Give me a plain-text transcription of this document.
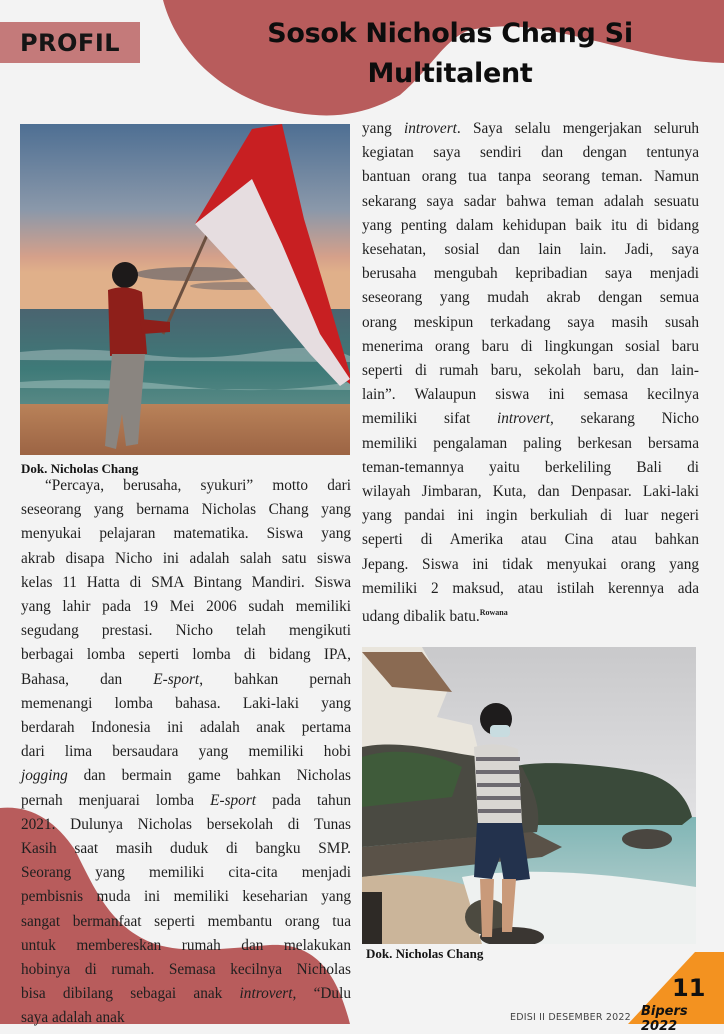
PROFIL	Sosok Nicholas Chang Si
Multitalent
Dok. Nicholas Chang
“Percaya, berusaha, syukuri” motto dari
seseorang yang bernama Nicholas Chang yang
menyukai pelajaran matematika. Siswa yang
akrab disapa Nicho ini adalah salah satu siswa
kelas 11 Hatta di SMA Bintang Mandiri. Siswa
yang lahir pada 19 Mei 2006 sudah memiliki
segudang prestasi. Nicho telah mengikuti
berbagai lomba seperti lomba di bidang IPA,
Bahasa, dan E-sport, bahkan pernah
memenangi lomba bahasa. Laki-laki yang
berdarah Indonesia ini adalah anak pertama
dari lima bersaudara yang memiliki hobi
jogging dan bermain game bahkan Nicholas
pernah menjuarai lomba E-sport pada tahun
2021. Dulunya Nicholas bersekolah di Tunas
Kasih saat masih duduk di bangku SMP.
Seorang yang memiliki cita-cita menjadi
pembisnis muda ini memiliki keseharian yang
sangat bermanfaat seperti membantu orang tua
untuk membereskan rumah dan melakukan
hobinya di rumah. Semasa kecilnya Nicholas
bisa dibilang sebagai anak introvert, “Dulu
saya adalah anak
yang introvert. Saya selalu mengerjakan seluruh
kegiatan saya sendiri dan dengan tentunya
bantuan orang tua tanpa seorang teman. Namun
sekarang saya sadar bahwa teman adalah sesuatu
yang penting dalam kehidupan baik itu di bidang
kesehatan, sosial dan lain lain. Jadi, saya
berusaha mengubah kepribadian saya menjadi
seseorang yang mudah akrab dengan semua
orang meskipun terkadang saya masih susah
menerima orang baru di lingkungan sosial baru
seperti di rumah baru, sekolah baru, dan lain-
lain”. Walaupun siswa ini semasa kecilnya
memiliki sifat introvert, sekarang Nicho
memiliki pengalaman paling berkesan bersama
teman-temannya yaitu berkeliling Bali di
wilayah Jimbaran, Kuta, dan Denpasar. Laki-laki
yang pandai ini ingin berkuliah di luar negeri
seperti di Amerika atau Cina atau bahkan
Jepang. Siswa ini tidak menyukai orang yang
memiliki 2 maksud, atau istilah kerennya ada
udang dibalik batu.$^{Rowana}$
Dok. Nicholas Chang
EDISI II DESEMBER 2022
11
Bipers 2022
